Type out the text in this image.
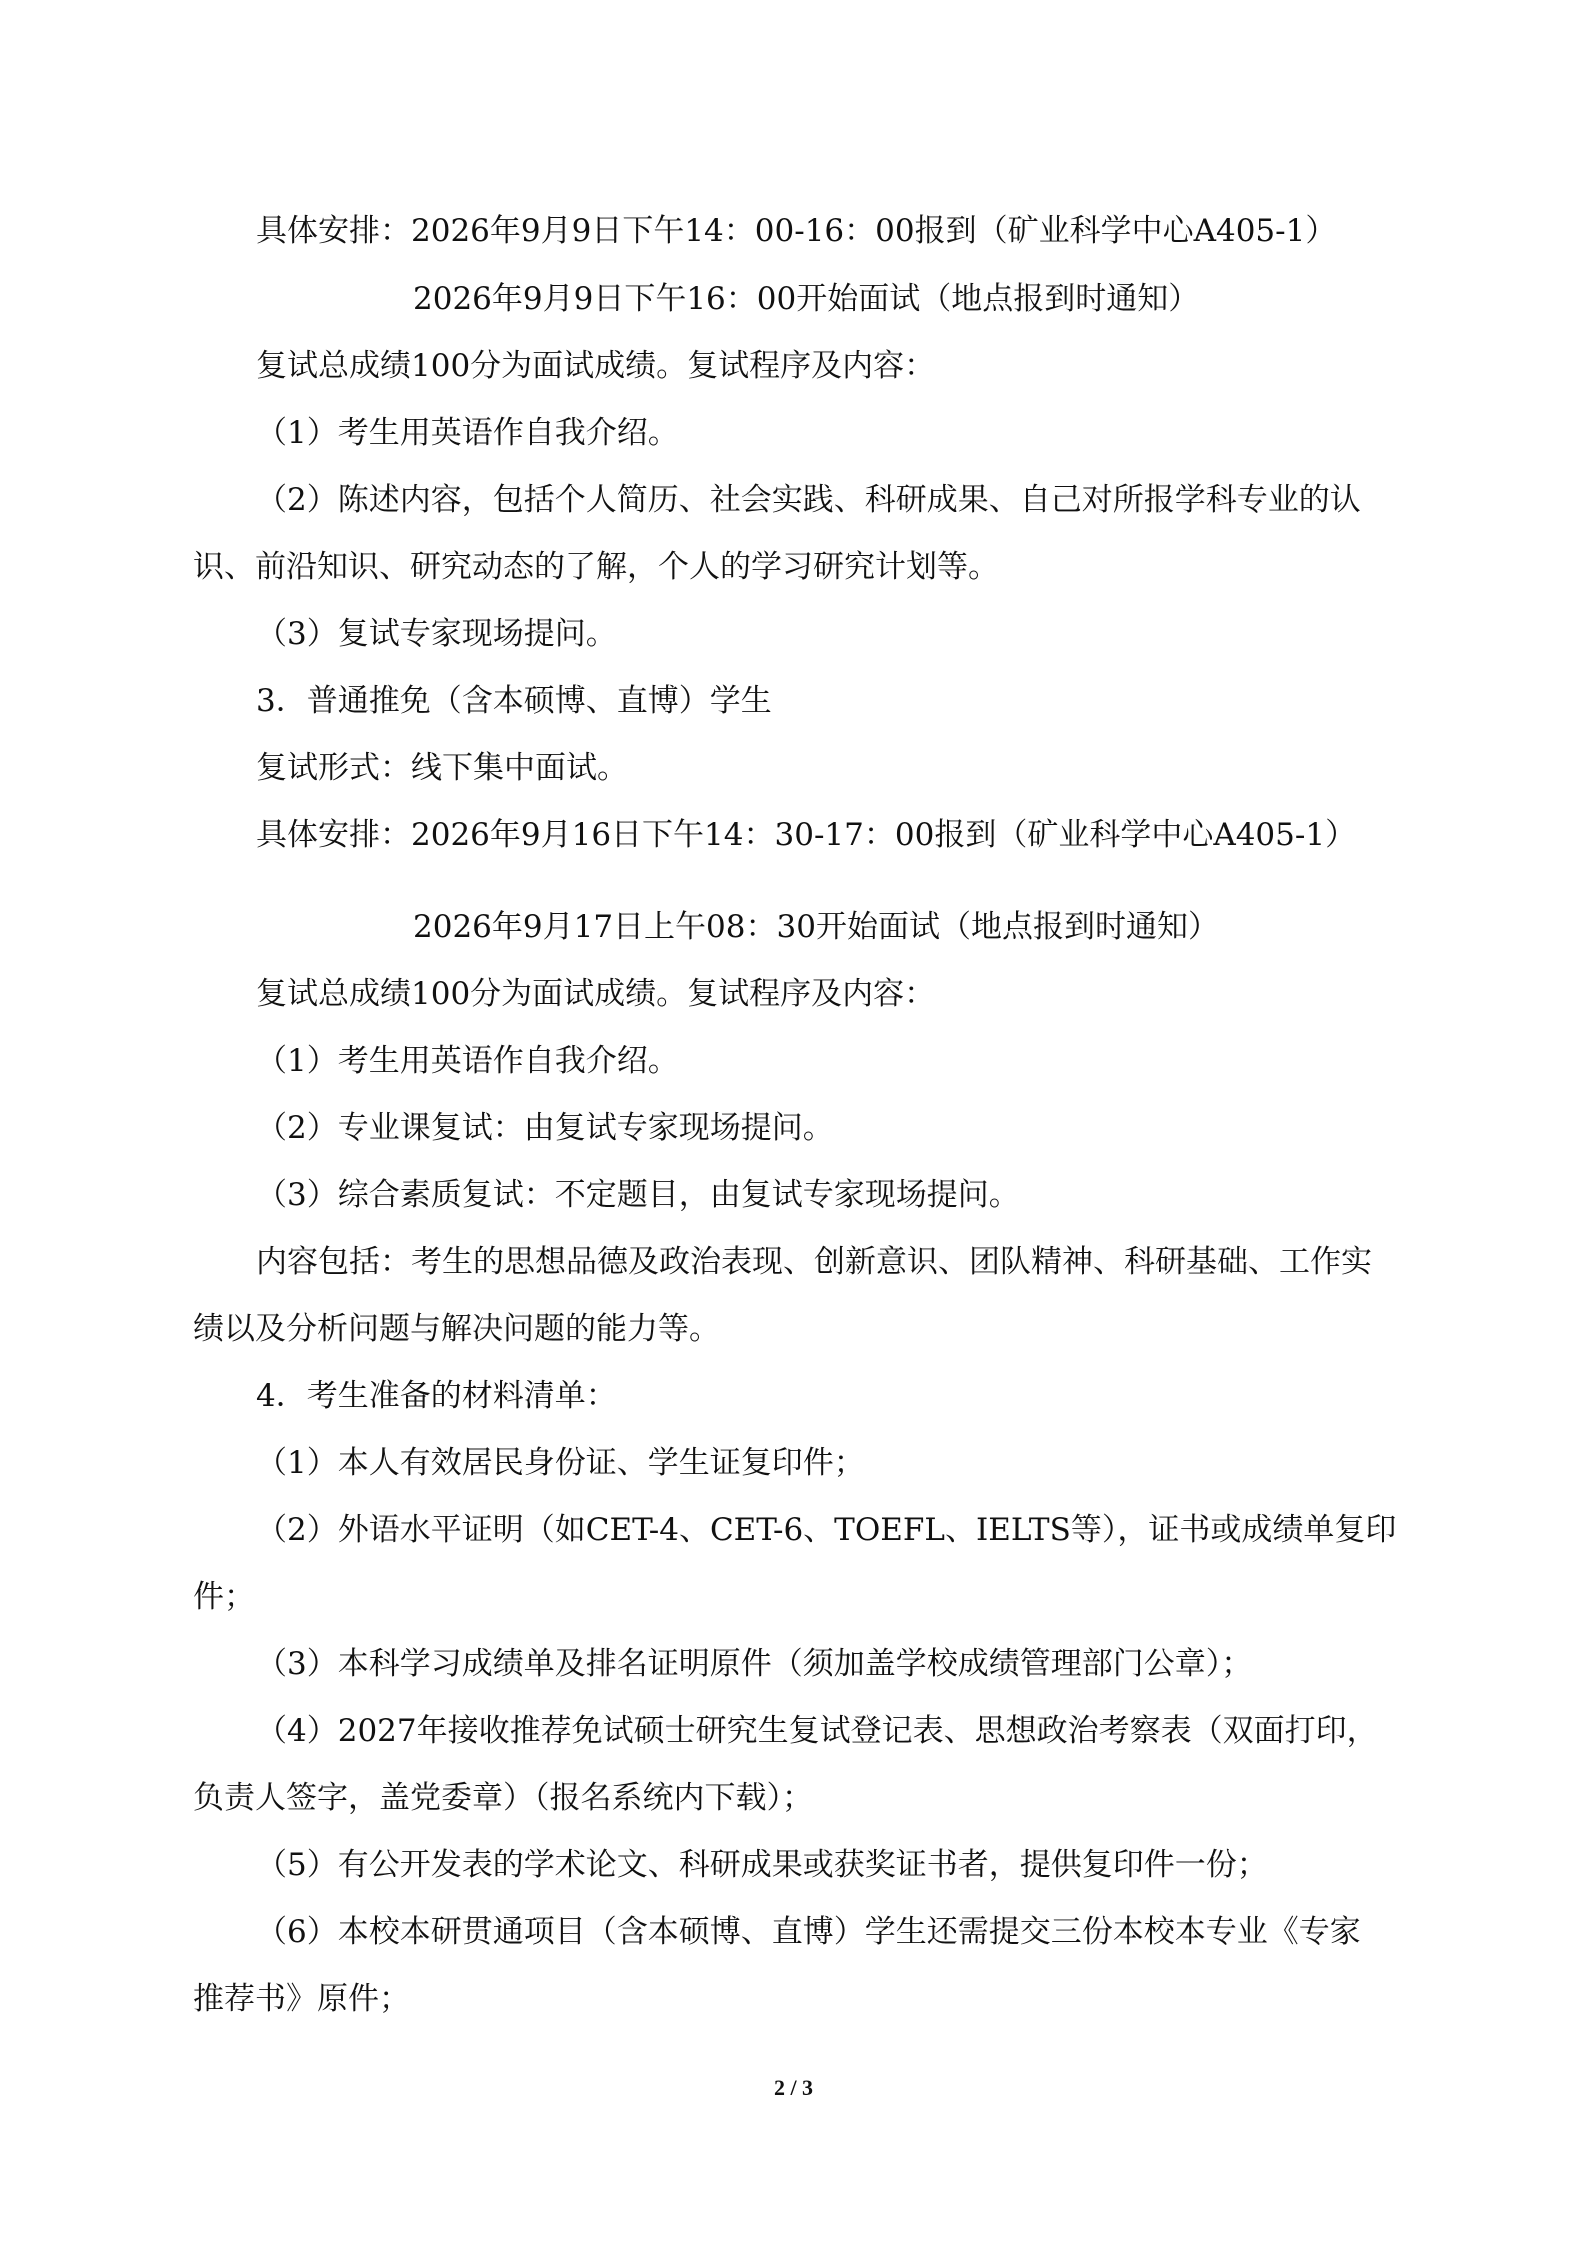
具体安排：2026年9月9日下午14：00-16：00报到（矿业科学中心A405-1）
2026年9月9日下午16：00开始面试（地点报到时通知）
复试总成绩100分为面试成绩。复试程序及内容：
（1）考生用英语作自我介绍。
（2）陈述内容，包括个人简历、社会实践、科研成果、自己对所报学科专业的认
识、前沿知识、研究动态的了解，个人的学习研究计划等。
（3）复试专家现场提问。
3．普通推免（含本硕博、直博）学生
复试形式：线下集中面试。
具体安排：2026年9月16日下午14：30-17：00报到（矿业科学中心A405-1）
2026年9月17日上午08：30开始面试（地点报到时通知）
复试总成绩100分为面试成绩。复试程序及内容：
（1）考生用英语作自我介绍。
（2）专业课复试：由复试专家现场提问。
（3）综合素质复试：不定题目，由复试专家现场提问。
内容包括：考生的思想品德及政治表现、创新意识、团队精神、科研基础、工作实
绩以及分析问题与解决问题的能力等。
4．考生准备的材料清单：
（1）本人有效居民身份证、学生证复印件；
（2）外语水平证明（如CET-4、CET-6、TOEFL、IELTS等），证书或成绩单复印
件；
（3）本科学习成绩单及排名证明原件（须加盖学校成绩管理部门公章）；
（4）2027年接收推荐免试硕士研究生复试登记表、思想政治考察表（双面打印，
负责人签字，盖党委章）（报名系统内下载）；
（5）有公开发表的学术论文、科研成果或获奖证书者，提供复印件一份；
（6）本校本研贯通项目（含本硕博、直博）学生还需提交三份本校本专业《专家
推荐书》原件；
2 / 3
